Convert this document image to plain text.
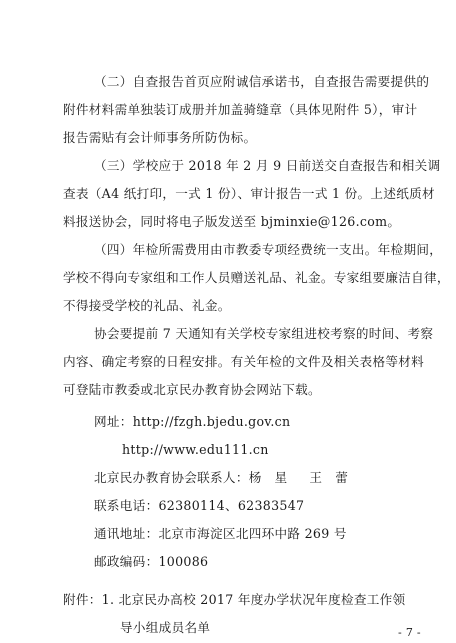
（二）自查报告首页应附诚信承诺书，自查报告需要提供的
附件材料需单独装订成册并加盖骑缝章（具体见附件 5），审计
报告需贴有会计师事务所防伪标。
（三）学校应于 2018 年 2 月 9 日前送交自查报告和相关调
查表（A4 纸打印，一式 1 份）、审计报告一式 1 份。上述纸质材
料报送协会，同时将电子版发送至 bjminxie@126.com。
（四）年检所需费用由市教委专项经费统一支出。年检期间，
学校不得向专家组和工作人员赠送礼品、礼金。专家组要廉洁自律，
不得接受学校的礼品、礼金。
协会要提前 7 天通知有关学校专家组进校考察的时间、考察
内容、确定考察的日程安排。有关年检的文件及相关表格等材料
可登陆市教委或北京民办教育协会网站下载。
网址：http://fzgh.bjedu.gov.cn
http://www.edu111.cn
北京民办教育协会联系人：杨　星 王　蕾
联系电话：62380114、62383547
通讯地址：北京市海淀区北四环中路 269 号
邮政编码：100086
附件：1. 北京民办高校 2017 年度办学状况年度检查工作领
导小组成员名单	- 7 -
